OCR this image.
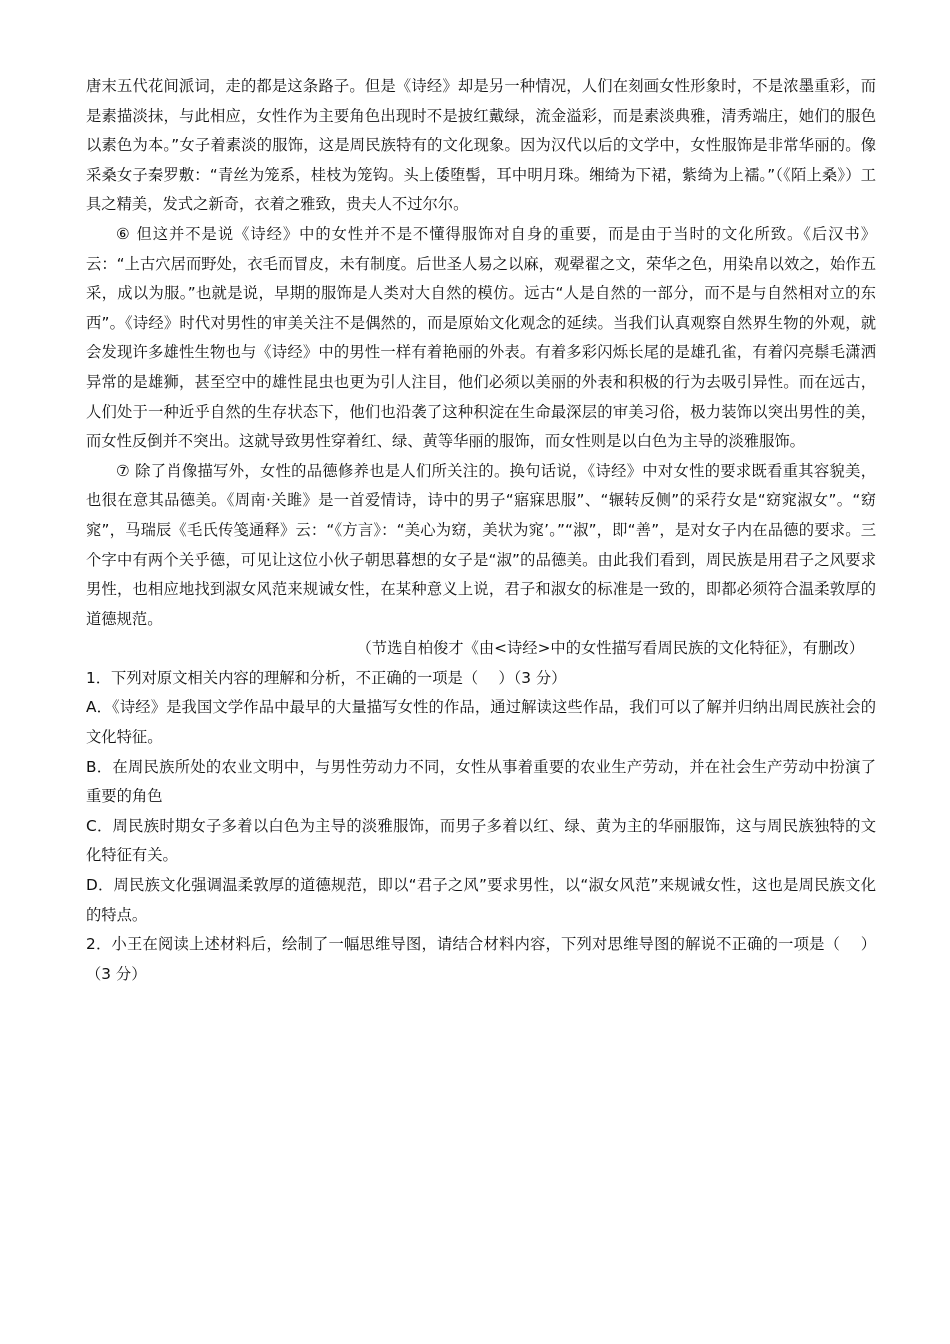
唐末五代花间派词，走的都是这条路子。但是《诗经》却是另一种情况，人们在刻画女性形象时，不是浓墨重彩，而是素描淡抹，与此相应，女性作为主要角色出现时不是披红戴绿，流金溢彩，而是素淡典雅，清秀端庄，她们的服色以素色为本。”女子着素淡的服饰，这是周民族特有的文化现象。因为汉代以后的文学中，女性服饰是非常华丽的。像采桑女子秦罗敷：“青丝为笼系，桂枝为笼钩。头上倭堕髻，耳中明月珠。缃绮为下裙，紫绮为上襦。”（《陌上桑》）工具之精美，发式之新奇，衣着之雅致，贵夫人不过尔尔。

⑥ 但这并不是说《诗经》中的女性并不是不懂得服饰对自身的重要，而是由于当时的文化所致。《后汉书》云：“上古穴居而野处，衣毛而冒皮，未有制度。后世圣人易之以麻，观翚翟之文，荣华之色，用染帛以效之，始作五采，成以为服。”也就是说，早期的服饰是人类对大自然的模仿。远古“人是自然的一部分，而不是与自然相对立的东西”。《诗经》时代对男性的审美关注不是偶然的，而是原始文化观念的延续。当我们认真观察自然界生物的外观，就会发现许多雄性生物也与《诗经》中的男性一样有着艳丽的外表。有着多彩闪烁长尾的是雄孔雀，有着闪亮鬃毛潇洒异常的是雄狮，甚至空中的雄性昆虫也更为引人注目，他们必须以美丽的外表和积极的行为去吸引异性。而在远古，人们处于一种近乎自然的生存状态下，他们也沿袭了这种积淀在生命最深层的审美习俗，极力装饰以突出男性的美，而女性反倒并不突出。这就导致男性穿着红、绿、黄等华丽的服饰，而女性则是以白色为主导的淡雅服饰。

⑦ 除了肖像描写外，女性的品德修养也是人们所关注的。换句话说，《诗经》中对女性的要求既看重其容貌美，也很在意其品德美。《周南·关雎》是一首爱情诗，诗中的男子“寤寐思服”、“辗转反侧”的采荇女是“窈窕淑女”。“窈窕”，马瑞辰《毛氏传笺通释》云：“《方言》：“美心为窈，美状为窕’。”“淑”，即“善”，是对女子内在品德的要求。三个字中有两个关乎德，可见让这位小伙子朝思暮想的女子是“淑”的品德美。由此我们看到，周民族是用君子之风要求男性，也相应地找到淑女风范来规诫女性，在某种意义上说，君子和淑女的标准是一致的，即都必须符合温柔敦厚的道德规范。

（节选自柏俊才《由<诗经>中的女性描写看周民族的文化特征》，有删改）

1．下列对原文相关内容的理解和分析，不正确的一项是（　 ）（3 分）

A．《诗经》是我国文学作品中最早的大量描写女性的作品，通过解读这些作品，我们可以了解并归纳出周民族社会的文化特征。

B．在周民族所处的农业文明中，与男性劳动力不同，女性从事着重要的农业生产劳动，并在社会生产劳动中扮演了重要的角色

C．周民族时期女子多着以白色为主导的淡雅服饰，而男子多着以红、绿、黄为主的华丽服饰，这与周民族独特的文化特征有关。

D．周民族文化强调温柔敦厚的道德规范，即以“君子之风”要求男性，以“淑女风范”来规诫女性，这也是周民族文化的特点。

2．小王在阅读上述材料后，绘制了一幅思维导图，请结合材料内容，下列对思维导图的解说不正确的一项是（　 ）（3 分）
